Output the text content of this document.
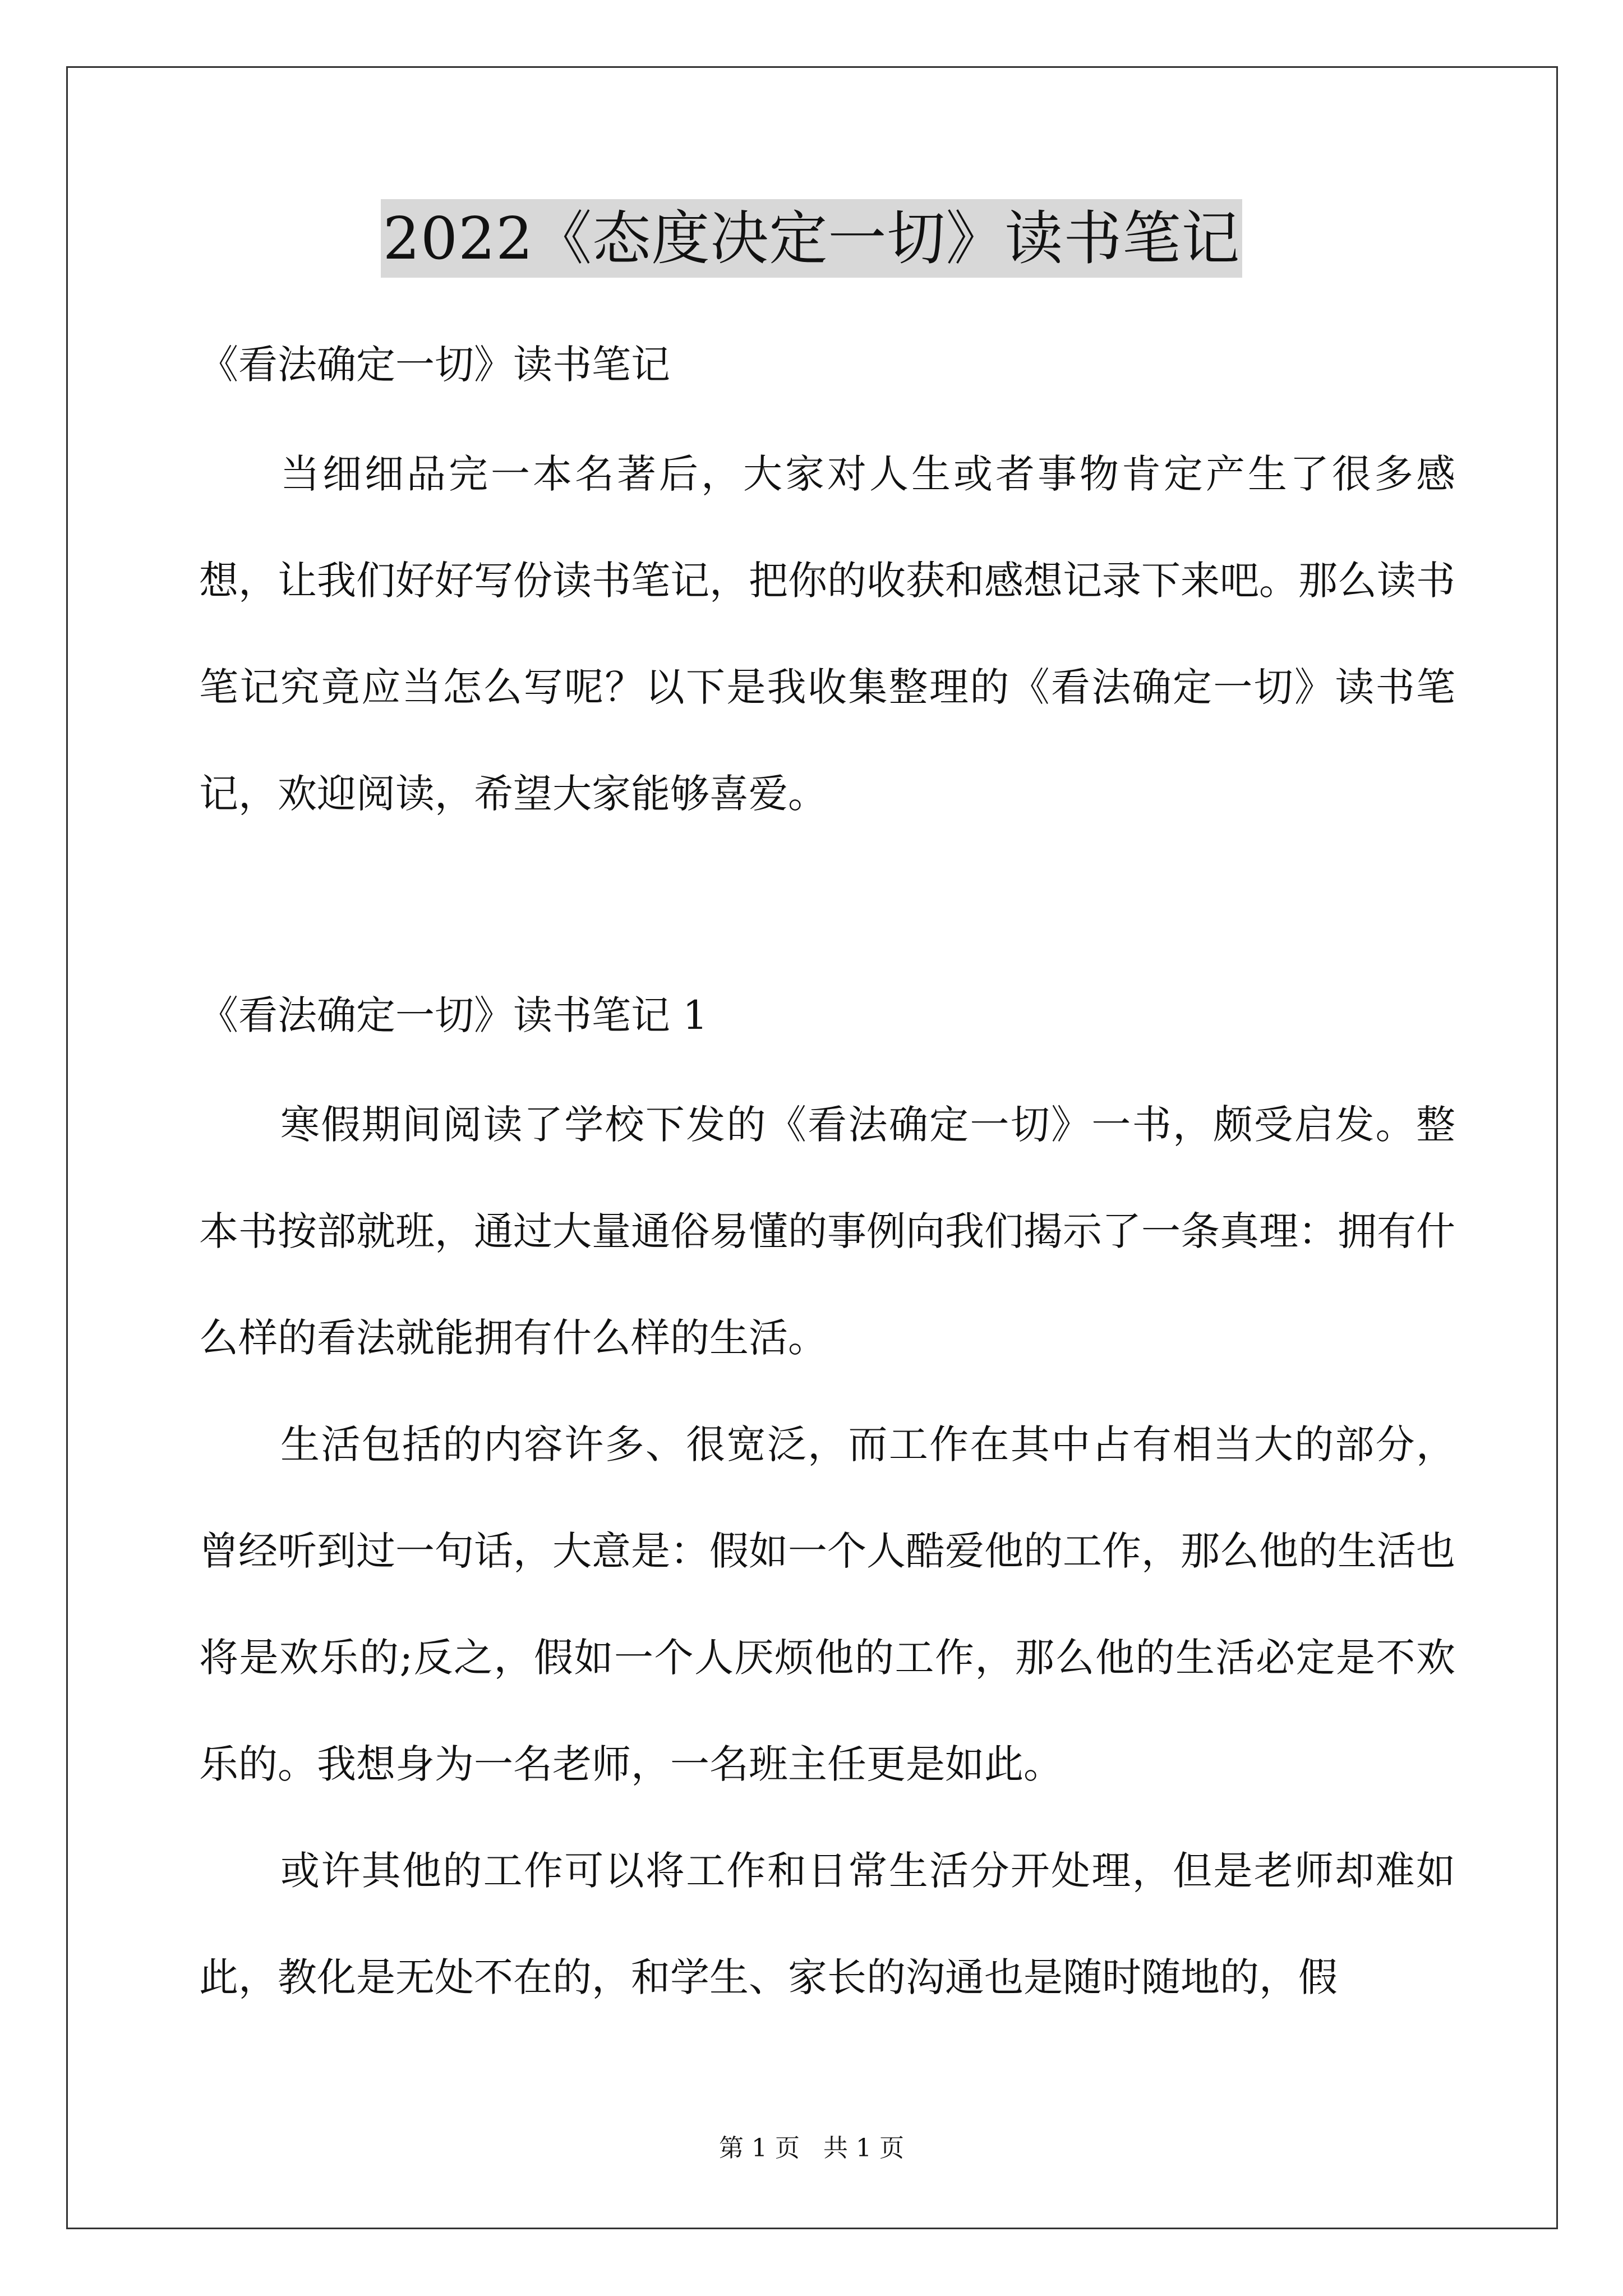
2022《态度决定一切》读书笔记

《看法确定一切》读书笔记

当细细品完一本名著后，大家对人生或者事物肯定产生了很多感想，让我们好好写份读书笔记，把你的收获和感想记录下来吧。那么读书笔记究竟应当怎么写呢？以下是我收集整理的《看法确定一切》读书笔记，欢迎阅读，希望大家能够喜爱。

《看法确定一切》读书笔记 1

寒假期间阅读了学校下发的《看法确定一切》一书，颇受启发。整本书按部就班，通过大量通俗易懂的事例向我们揭示了一条真理：拥有什么样的看法就能拥有什么样的生活。

生活包括的内容许多、很宽泛，而工作在其中占有相当大的部分，曾经听到过一句话，大意是：假如一个人酷爱他的工作，那么他的生活也将是欢乐的;反之，假如一个人厌烦他的工作，那么他的生活必定是不欢乐的。我想身为一名老师，一名班主任更是如此。

或许其他的工作可以将工作和日常生活分开处理，但是老师却难如此，教化是无处不在的，和学生、家长的沟通也是随时随地的，假

第 1 页   共 1 页
